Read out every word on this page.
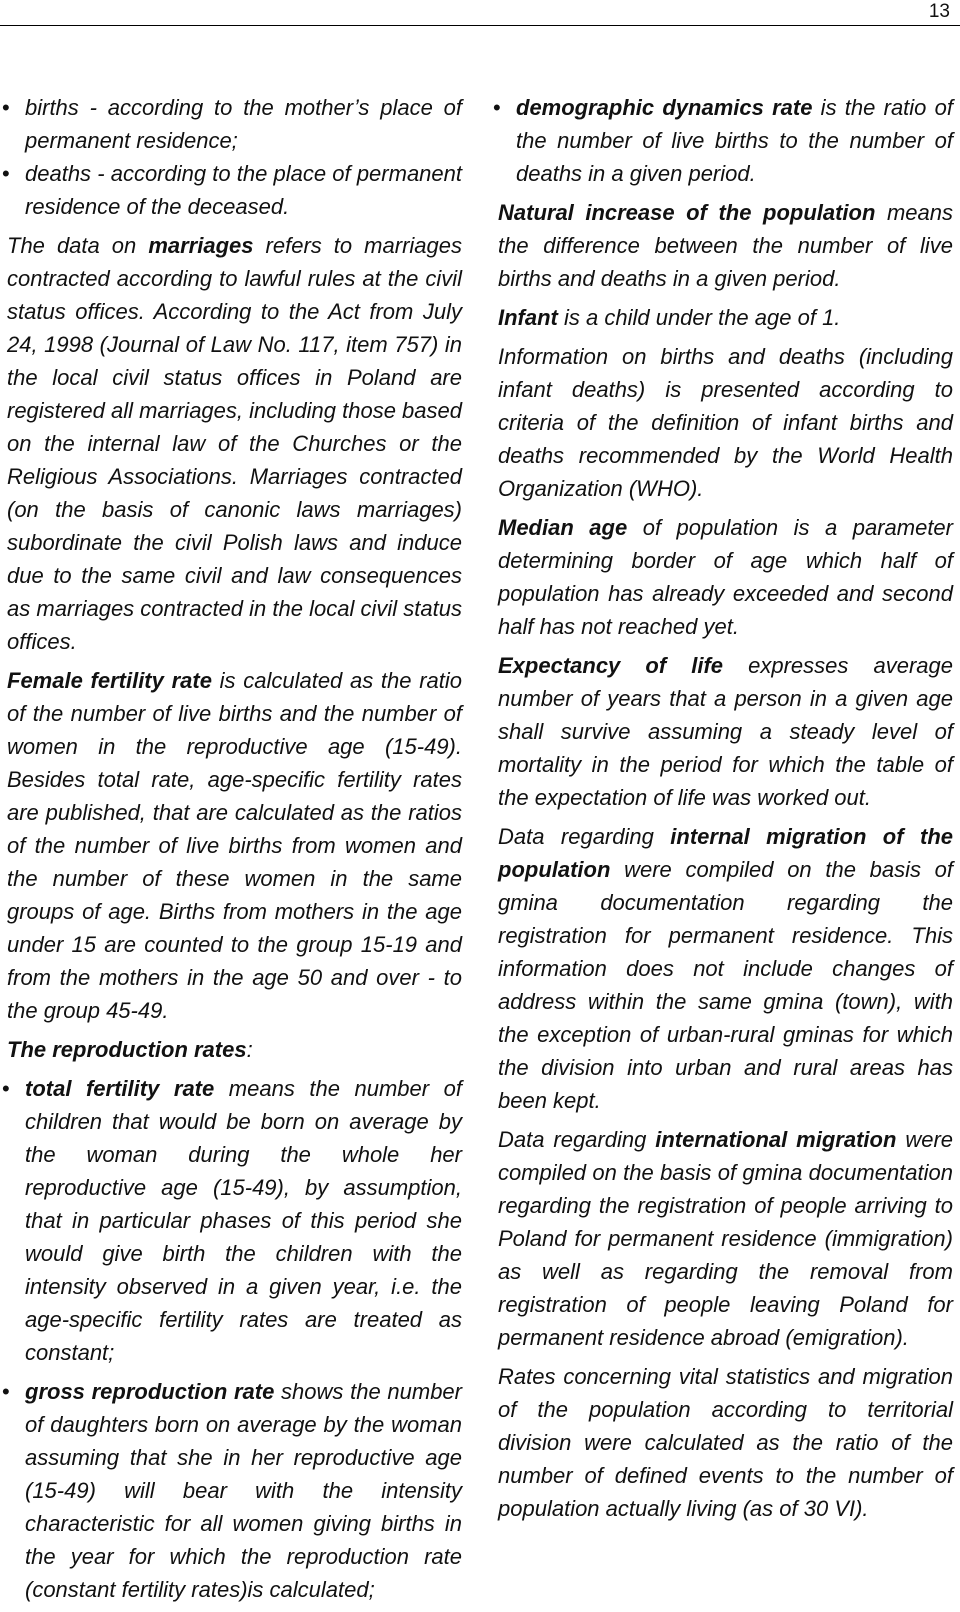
13
• births - according to the mother’s place of permanent residence;
• deaths - according to the place of permanent residence of the deceased.

The data on marriages refers to marriages contracted according to lawful rules at the civil status offices. According to the Act from July 24, 1998 (Journal of Law No. 117, item 757) in the local civil status offices in Poland are registered all marriages, including those based on the internal law of the Churches or the Religious Associations. Marriages contracted (on the basis of canonic laws marriages) subordinate the civil Polish laws and induce due to the same civil and law consequences as marriages contracted in the local civil status offices.

Female fertility rate is calculated as the ratio of the number of live births and the number of women in the reproductive age (15-49). Besides total rate, age-specific fertility rates are published, that are calculated as the ratios of the number of live births from women and the number of these women in the same groups of age. Births from mothers in the age under 15 are counted to the group 15-19 and from the mothers in the age 50 and over - to the group 45-49.

The reproduction rates:

• total fertility rate means the number of children that would be born on average by the woman during the whole her reproductive age (15-49), by assumption, that in particular phases of this period she would give birth the children with the intensity observed in a given year, i.e. the age-specific fertility rates are treated as constant;
• gross reproduction rate shows the number of daughters born on average by the woman assuming that she in her reproductive age (15-49) will bear with the intensity characteristic for all women giving births in the year for which the reproduction rate (constant fertility rates)is calculated;
• demographic dynamics rate is the ratio of the number of live births to the number of deaths in a given period.

Natural increase of the population means the difference between the number of live births and deaths in a given period.

Infant is a child under the age of 1.

Information on births and deaths (including infant deaths) is presented according to criteria of the definition of infant births and deaths recommended by the World Health Organization (WHO).

Median age of population is a parameter determining border of age which half of population has already exceeded and second half has not reached yet.

Expectancy of life expresses average number of years that a person in a given age shall survive assuming a steady level of mortality in the period for which the table of the expectation of life was worked out.

Data regarding internal migration of the population were compiled on the basis of gmina documentation regarding the registration for permanent residence. This information does not include changes of address within the same gmina (town), with the exception of urban-rural gminas for which the division into urban and rural areas has been kept.

Data regarding international migration were compiled on the basis of gmina documentation regarding the registration of people arriving to Poland for permanent residence (immigration) as well as regarding the removal from registration of people leaving Poland for permanent residence abroad (emigration).

Rates concerning vital statistics and migration of the population according to territorial division were calculated as the ratio of the number of defined events to the number of population actually living (as of 30 VI).
